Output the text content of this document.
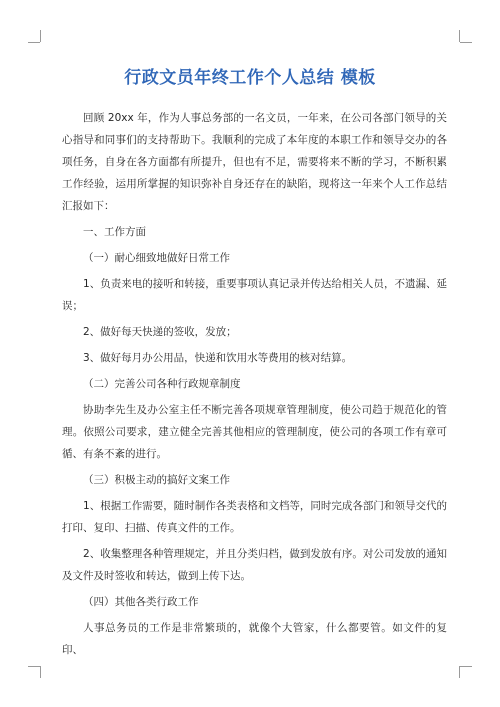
行政文员年终工作个人总结 模板

回顾 20xx 年，作为人事总务部的一名文员，一年来，在公司各部门领导的关心指导和同事们的支持帮助下。我顺利的完成了本年度的本职工作和领导交办的各项任务，自身在各方面都有所提升，但也有不足，需要将来不断的学习，不断积累工作经验，运用所掌握的知识弥补自身还存在的缺陷，现将这一年来个人工作总结汇报如下：

一、工作方面

（一）耐心细致地做好日常工作

1、负责来电的接听和转接，重要事项认真记录并传达给相关人员，不遗漏、延误；

2、做好每天快递的签收，发放；

3、做好每月办公用品，快递和饮用水等费用的核对结算。

（二）完善公司各种行政规章制度

协助李先生及办公室主任不断完善各项规章管理制度，使公司趋于规范化的管理。依照公司要求，建立健全完善其他相应的管理制度，使公司的各项工作有章可循、有条不紊的进行。

（三）积极主动的搞好文案工作

1、根据工作需要，随时制作各类表格和文档等，同时完成各部门和领导交代的打印、复印、扫描、传真文件的工作。

2、收集整理各种管理规定，并且分类归档，做到发放有序。对公司发放的通知及文件及时签收和转达，做到上传下达。

（四）其他各类行政工作

人事总务员的工作是非常繁琐的，就像个大管家，什么都要管。如文件的复印、
